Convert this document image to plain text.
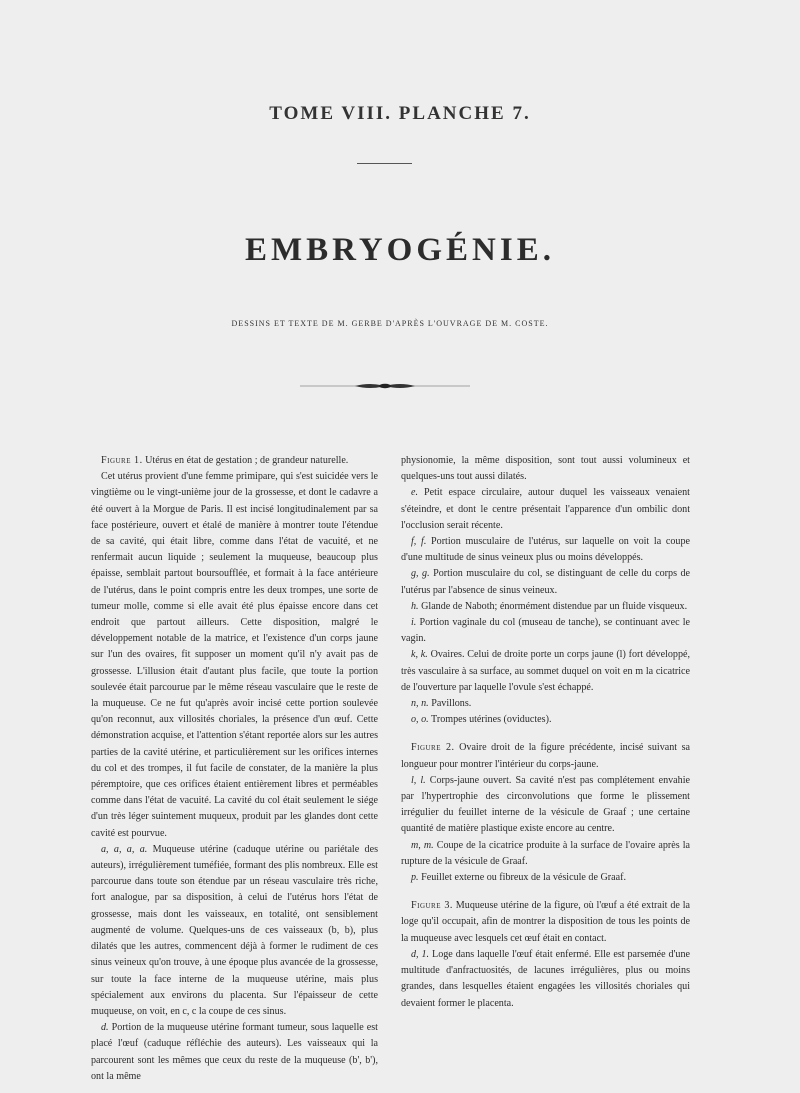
TOME VIII. PLANCHE 7.
EMBRYOGÉNIE.
DESSINS ET TEXTE DE M. GERBE D'APRÈS L'OUVRAGE DE M. COSTE.

Figure 1. Utérus en état de gestation ; de grandeur naturelle.

Cet utérus provient d'une femme primipare, qui s'est suicidée vers le vingtième ou le vingt-unième jour de la grossesse, et dont le cadavre a été ouvert à la Morgue de Paris. Il est incisé longitudinalement par sa face postérieure, ouvert et étalé de manière à montrer toute l'étendue de sa cavité, qui était libre, comme dans l'état de vacuité, et ne renfermait aucun liquide ; seulement la muqueuse, beaucoup plus épaisse, semblait partout boursoufflée, et formait à la face antérieure de l'utérus, dans le point compris entre les deux trompes, une sorte de tumeur molle, comme si elle avait été plus épaisse encore dans cet endroit que partout ailleurs. Cette disposition, malgré le développement notable de la matrice, et l'existence d'un corps jaune sur l'un des ovaires, fit supposer un moment qu'il n'y avait pas de grossesse. L'illusion était d'autant plus facile, que toute la portion soulevée était parcourue par le même réseau vasculaire que le reste de la muqueuse. Ce ne fut qu'après avoir incisé cette portion soulevée qu'on reconnut, aux villosités choriales, la présence d'un œuf. Cette démonstration acquise, et l'attention s'étant reportée alors sur les autres parties de la cavité utérine, et particulièrement sur les orifices internes du col et des trompes, il fut facile de constater, de la manière la plus péremptoire, que ces orifices étaient entièrement libres et perméables comme dans l'état de vacuité. La cavité du col était seulement le siége d'un très léger suintement muqueux, produit par les glandes dont cette cavité est pourvue.

a, a, a, a. Muqueuse utérine (caduque utérine ou pariétale des auteurs), irrégulièrement tuméfiée, formant des plis nombreux. Elle est parcourue dans toute son étendue par un réseau vasculaire très riche, fort analogue, par sa disposition, à celui de l'utérus hors l'état de grossesse, mais dont les vaisseaux, en totalité, ont sensiblement augmenté de volume. Quelques-uns de ces vaisseaux (b, b), plus dilatés que les autres, commencent déjà à former le rudiment de ces sinus veineux qu'on trouve, à une époque plus avancée de la grossesse, sur toute la face interne de la muqueuse utérine, mais plus spécialement aux environs du placenta. Sur l'épaisseur de cette muqueuse, on voit, en c, c la coupe de ces sinus.

d. Portion de la muqueuse utérine formant tumeur, sous laquelle est placé l'œuf (caduque réfléchie des auteurs). Les vaisseaux qui la parcourent sont les mêmes que ceux du reste de la muqueuse (b', b'), ont la même

physionomie, la même disposition, sont tout aussi volumineux et quelques-uns tout aussi dilatés.

e. Petit espace circulaire, autour duquel les vaisseaux venaient s'éteindre, et dont le centre présentait l'apparence d'un ombilic dont l'occlusion serait récente.

f, f. Portion musculaire de l'utérus, sur laquelle on voit la coupe d'une multitude de sinus veineux plus ou moins développés.

g, g. Portion musculaire du col, se distinguant de celle du corps de l'utérus par l'absence de sinus veineux.

h. Glande de Naboth; énormément distendue par un fluide visqueux.

i. Portion vaginale du col (museau de tanche), se continuant avec le vagin.

k, k. Ovaires. Celui de droite porte un corps jaune (l) fort développé, très vasculaire à sa surface, au sommet duquel on voit en m la cicatrice de l'ouverture par laquelle l'ovule s'est échappé.

n, n. Pavillons.

o, o. Trompes utérines (oviductes).

Figure 2. Ovaire droit de la figure précédente, incisé suivant sa longueur pour montrer l'intérieur du corps-jaune.

l, l. Corps-jaune ouvert. Sa cavité n'est pas complétement envahie par l'hypertrophie des circonvolutions que forme le plissement irrégulier du feuillet interne de la vésicule de Graaf ; une certaine quantité de matière plastique existe encore au centre.

m, m. Coupe de la cicatrice produite à la surface de l'ovaire après la rupture de la vésicule de Graaf.

p. Feuillet externe ou fibreux de la vésicule de Graaf.

Figure 3. Muqueuse utérine de la figure, où l'œuf a été extrait de la loge qu'il occupait, afin de montrer la disposition de tous les points de la muqueuse avec lesquels cet œuf était en contact.

d, 1. Loge dans laquelle l'œuf était enfermé. Elle est parsemée d'une multitude d'anfractuosités, de lacunes irrégulières, plus ou moins grandes, dans lesquelles étaient engagées les villosités choriales qui devaient former le placenta.
